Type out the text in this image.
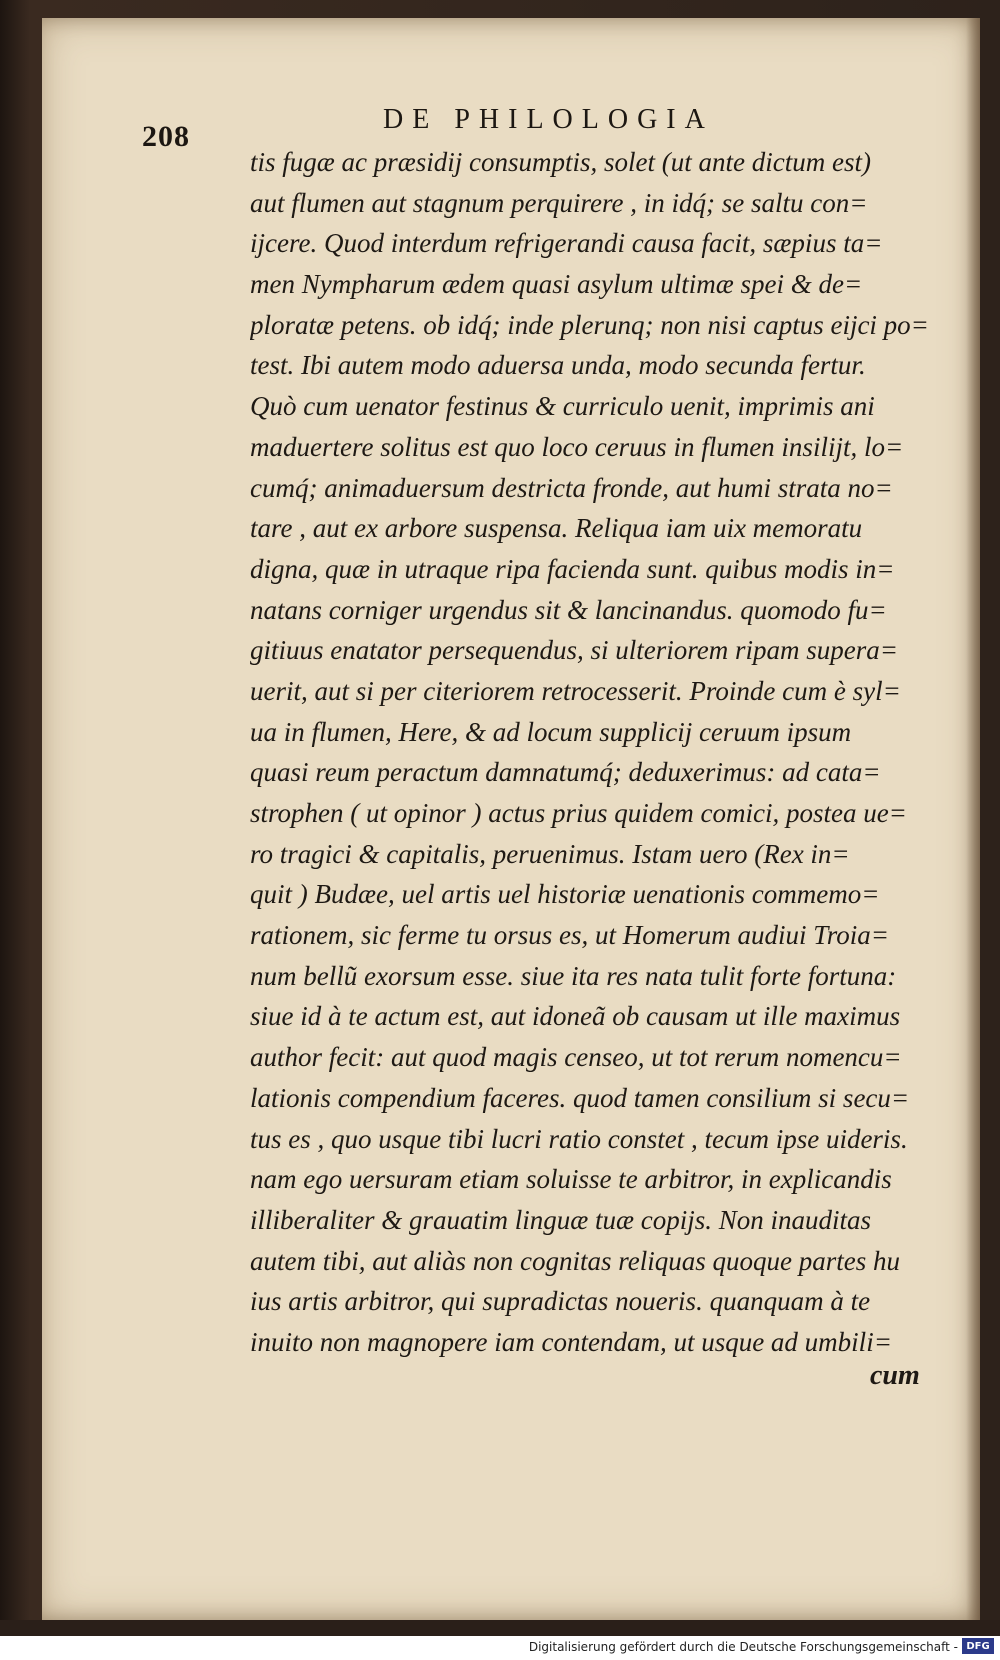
208
DE PHILOLOGIA
tis fugæ ac præsidij consumptis, solet (ut ante dictum est)
aut flumen aut stagnum perquirere , in idq́; se saltu con=
ijcere. Quod interdum refrigerandi causa facit, sæpius ta=
men Nympharum ædem quasi asylum ultimæ spei & de=
ploratæ petens. ob idq́; inde plerunq; non nisi captus eijci po=
test. Ibi autem modo aduersa unda, modo secunda fertur.
Quò cum uenator festinus & curriculo uenit, imprimis ani
maduertere solitus est quo loco ceruus in flumen insilijt, lo=
cumq́; animaduersum destricta fronde, aut humi strata no=
tare , aut ex arbore suspensa. Reliqua iam uix memoratu
digna, quæ in utraque ripa facienda sunt. quibus modis in=
natans corniger urgendus sit & lancinandus. quomodo fu=
gitiuus enatator persequendus, si ulteriorem ripam supera=
uerit, aut si per citeriorem retrocesserit. Proinde cum è syl=
ua in flumen, Here, & ad locum supplicij ceruum ipsum
quasi reum peractum damnatumq́; deduxerimus: ad cata=
strophen ( ut opinor ) actus prius quidem comici, postea ue=
ro tragici & capitalis, peruenimus. Istam uero (Rex in=
quit ) Budæe, uel artis uel historiæ uenationis commemo=
rationem, sic ferme tu orsus es, ut Homerum audiui Troia=
num bellũ exorsum esse. siue ita res nata tulit forte fortuna:
siue id à te actum est, aut idoneã ob causam ut ille maximus
author fecit: aut quod magis censeo, ut tot rerum nomencu=
lationis compendium faceres. quod tamen consilium si secu=
tus es , quo usque tibi lucri ratio constet , tecum ipse uideris.
nam ego uersuram etiam soluisse te arbitror, in explicandis
illiberaliter & grauatim linguæ tuæ copijs. Non inauditas
autem tibi, aut aliàs non cognitas reliquas quoque partes hu
ius artis arbitror, qui supradictas noueris. quanquam à te
inuito non magnopere iam contendam, ut usque ad umbili=
cum
Digitalisierung gefördert durch die Deutsche Forschungsgemeinschaft - DFG
